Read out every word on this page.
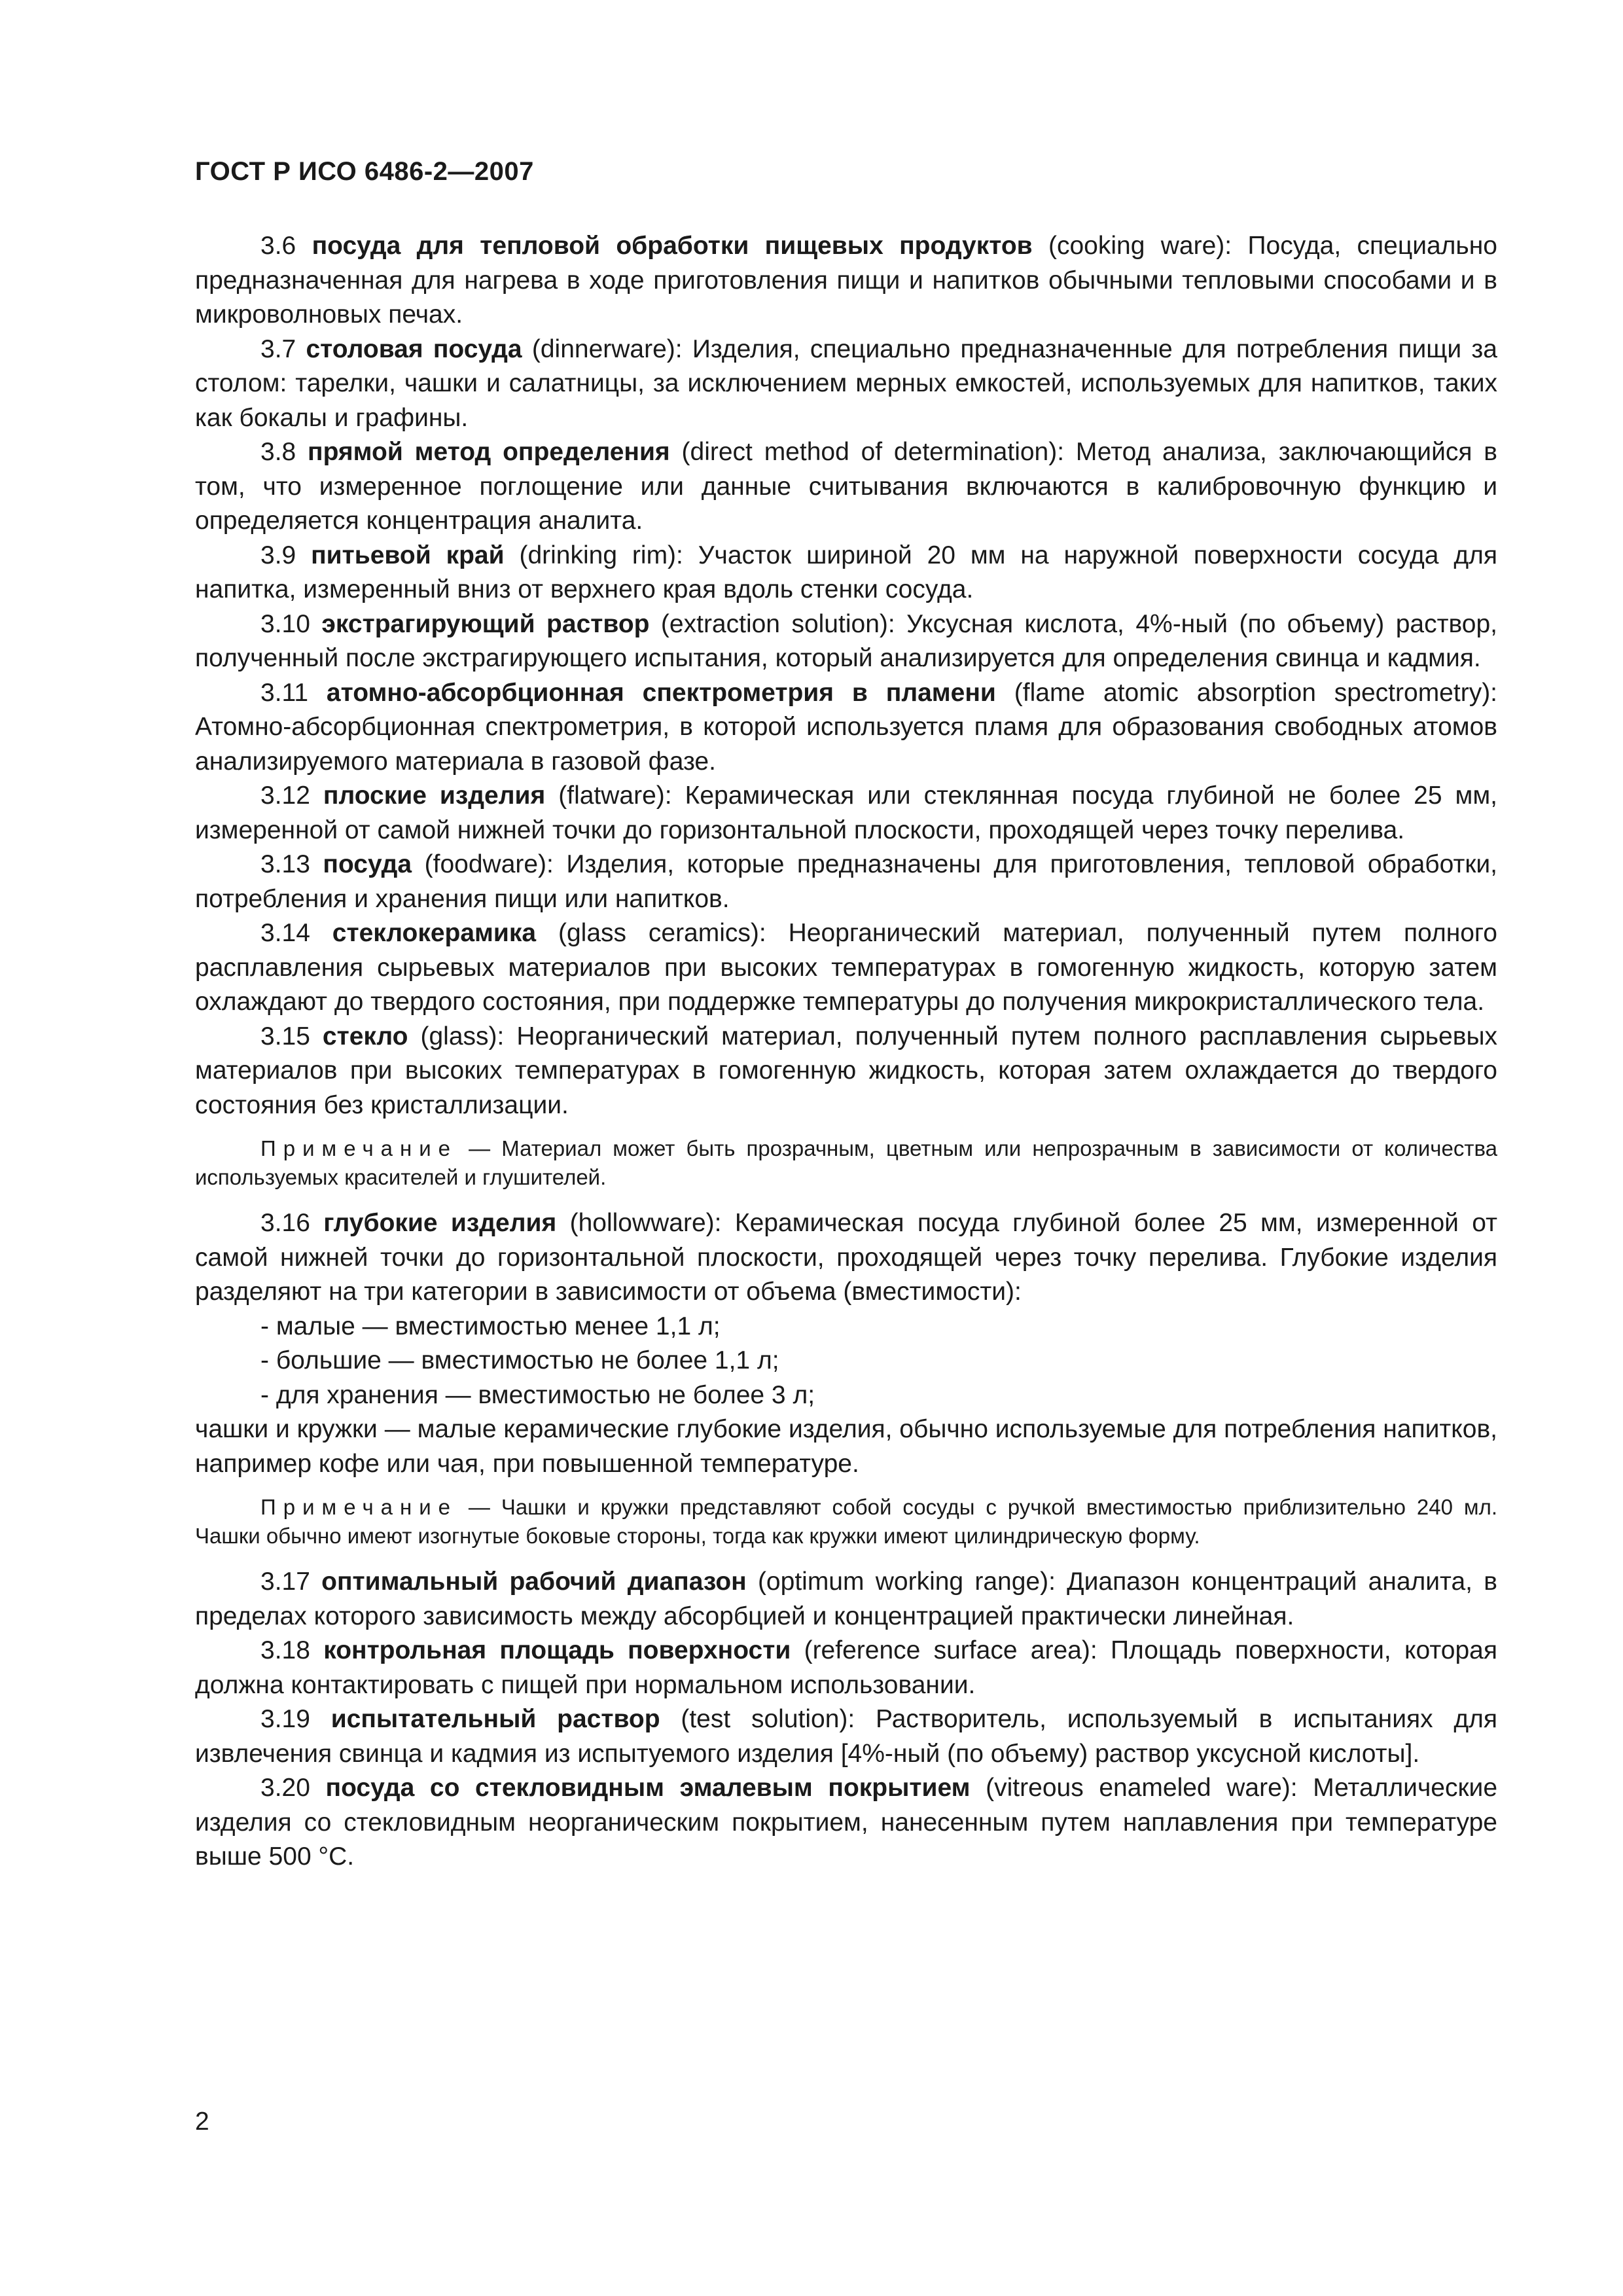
ГОСТ Р ИСО 6486-2—2007

3.6 посуда для тепловой обработки пищевых продуктов (cooking ware): Посуда, специально предназначенная для нагрева в ходе приготовления пищи и напитков обычными тепловыми способами и в микроволновых печах.

3.7 столовая посуда (dinnerware): Изделия, специально предназначенные для потребления пищи за столом: тарелки, чашки и салатницы, за исключением мерных емкостей, используемых для напитков, таких как бокалы и графины.

3.8 прямой метод определения (direct method of determination): Метод анализа, заключающийся в том, что измеренное поглощение или данные считывания включаются в калибровочную функцию и определяется концентрация аналита.

3.9 питьевой край (drinking rim): Участок шириной 20 мм на наружной поверхности сосуда для напитка, измеренный вниз от верхнего края вдоль стенки сосуда.

3.10 экстрагирующий раствор (extraction solution): Уксусная кислота, 4%-ный (по объему) раствор, полученный после экстрагирующего испытания, который анализируется для определения свинца и кадмия.

3.11 атомно-абсорбционная спектрометрия в пламени (flame atomic absorption spectrometry): Атомно-абсорбционная спектрометрия, в которой используется пламя для образования свободных атомов анализируемого материала в газовой фазе.

3.12 плоские изделия (flatware): Керамическая или стеклянная посуда глубиной не более 25 мм, измеренной от самой нижней точки до горизонтальной плоскости, проходящей через точку перелива.

3.13 посуда (foodware): Изделия, которые предназначены для приготовления, тепловой обработки, потребления и хранения пищи или напитков.

3.14 стеклокерамика (glass ceramics): Неорганический материал, полученный путем полного расплавления сырьевых материалов при высоких температурах в гомогенную жидкость, которую затем охлаждают до твердого состояния, при поддержке температуры до получения микрокристаллического тела.

3.15 стекло (glass): Неорганический материал, полученный путем полного расплавления сырьевых материалов при высоких температурах в гомогенную жидкость, которая затем охлаждается до твердого состояния без кристаллизации.

Примечание — Материал может быть прозрачным, цветным или непрозрачным в зависимости от количества используемых красителей и глушителей.

3.16 глубокие изделия (hollowware): Керамическая посуда глубиной более 25 мм, измеренной от самой нижней точки до горизонтальной плоскости, проходящей через точку перелива. Глубокие изделия разделяют на три категории в зависимости от объема (вместимости):

- малые — вместимостью менее 1,1 л;

- большие — вместимостью не более 1,1 л;

- для хранения — вместимостью не более 3 л;

чашки и кружки — малые керамические глубокие изделия, обычно используемые для потребления напитков, например кофе или чая, при повышенной температуре.

Примечание — Чашки и кружки представляют собой сосуды с ручкой вместимостью приблизительно 240 мл. Чашки обычно имеют изогнутые боковые стороны, тогда как кружки имеют цилиндрическую форму.

3.17 оптимальный рабочий диапазон (optimum working range): Диапазон концентраций аналита, в пределах которого зависимость между абсорбцией и концентрацией практически линейная.

3.18 контрольная площадь поверхности (reference surface area): Площадь поверхности, которая должна контактировать с пищей при нормальном использовании.

3.19 испытательный раствор (test solution): Растворитель, используемый в испытаниях для извлечения свинца и кадмия из испытуемого изделия [4%-ный (по объему) раствор уксусной кислоты].

3.20 посуда со стекловидным эмалевым покрытием (vitreous enameled ware): Металлические изделия со стекловидным неорганическим покрытием, нанесенным путем наплавления при температуре выше 500 °С.

2
